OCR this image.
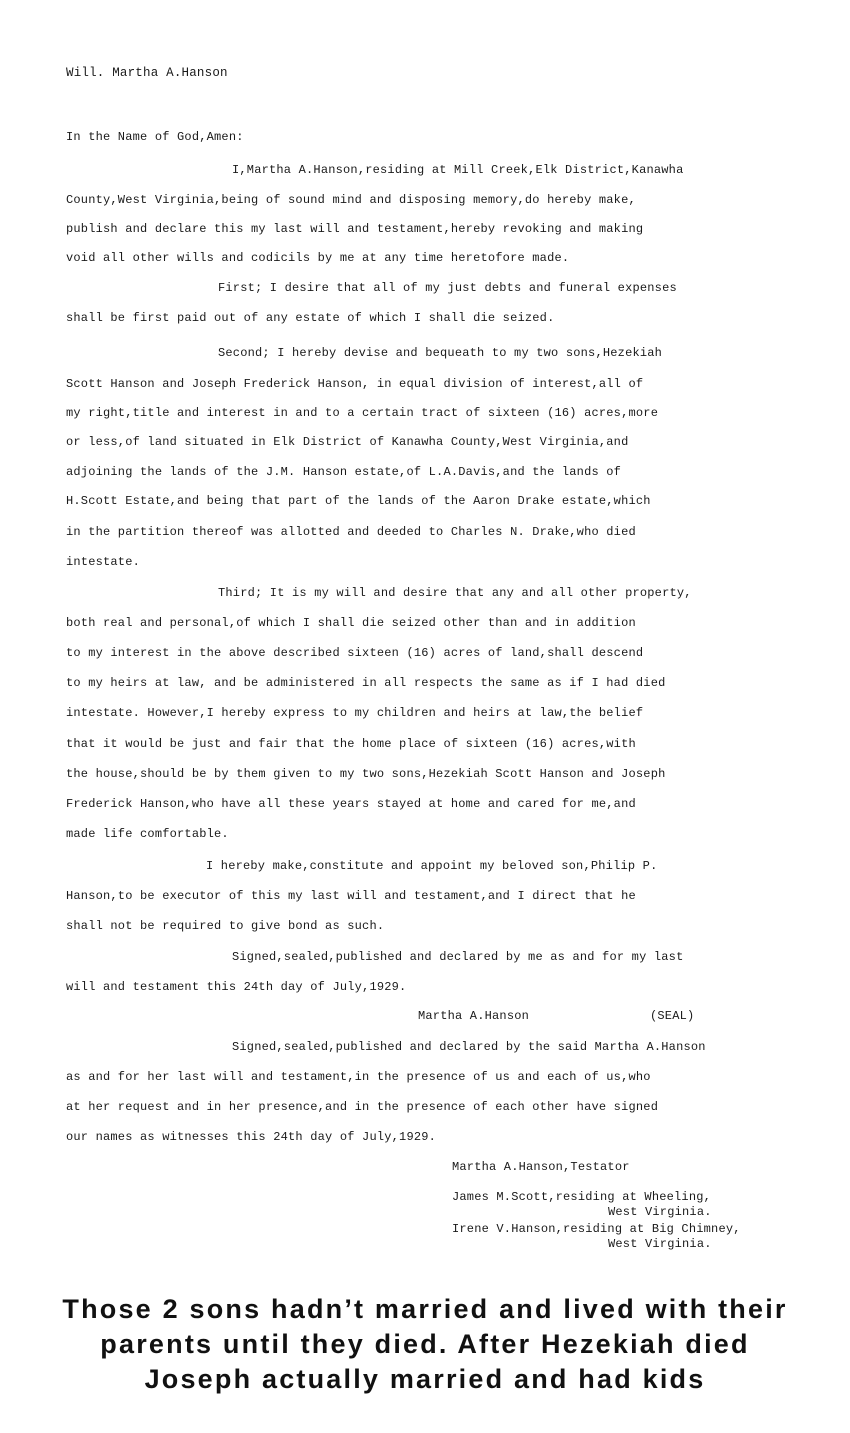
Will. Martha A.Hanson
In the Name of God,Amen:
I,Martha A.Hanson,residing at Mill Creek,Elk District,Kanawha
County,West Virginia,being of sound mind and disposing memory,do hereby make,
publish and declare this my last will and testament,hereby revoking and making
void all other wills and codicils by me at any time heretofore made.
First; I desire that all of my just debts and funeral expenses
shall be first paid out of any estate of which I shall die seized.
Second; I hereby devise and bequeath to my two sons,Hezekiah
Scott Hanson and Joseph Frederick Hanson, in equal division of interest,all of
my right,title and interest in and to a certain tract of sixteen (16) acres,more
or less,of land situated in Elk District of Kanawha County,West Virginia,and
adjoining the lands of the J.M. Hanson estate,of L.A.Davis,and the lands of
H.Scott Estate,and being that part of the lands of the Aaron Drake estate,which
in the partition thereof was allotted and deeded to Charles N. Drake,who died
intestate.
Third; It is my will and desire that any and all other property,
both real and personal,of which I shall die seized other than and in addition
to my interest in the above described sixteen (16) acres of land,shall descend
to my heirs at law, and be administered in all respects the same as if I had died
intestate. However,I hereby express to my children and heirs at law,the belief
that it would be just and fair that the home place of sixteen (16) acres,with
the house,should be by them given to my two sons,Hezekiah Scott Hanson and Joseph
Frederick Hanson,who have all these years stayed at home and cared for me,and
made life comfortable.
I hereby make,constitute and appoint my beloved son,Philip P.
Hanson,to be executor of this my last will and testament,and I direct that he
shall not be required to give bond as such.
Signed,sealed,published and declared by me as and for my last
will and testament this 24th day of July,1929.
Martha A.Hanson	(SEAL)
Signed,sealed,published and declared by the said Martha A.Hanson
as and for her last will and testament,in the presence of us and each of us,who
at her request and in her presence,and in the presence of each other have signed
our names as witnesses this 24th day of July,1929.
Martha A.Hanson,Testator
James M.Scott,residing at Wheeling,
West Virginia.
Irene V.Hanson,residing at Big Chimney,
West Virginia.
Those 2 sons hadn’t married and lived with their
parents until they died. After Hezekiah died
Joseph actually married and had kids
